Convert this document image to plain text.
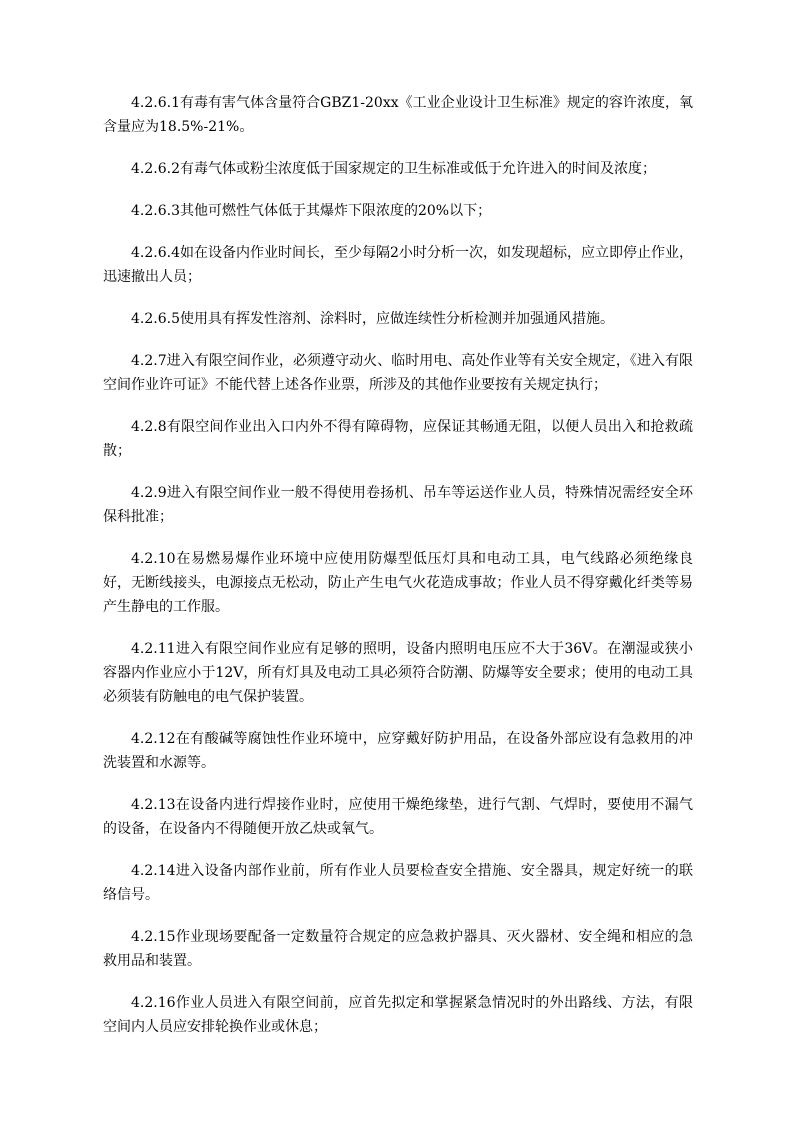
4.2.6.1有毒有害气体含量符合GBZ1-20xx《工业企业设计卫生标准》规定的容许浓度，氧含量应为18.5%-21%。

4.2.6.2有毒气体或粉尘浓度低于国家规定的卫生标准或低于允许进入的时间及浓度；

4.2.6.3其他可燃性气体低于其爆炸下限浓度的20%以下；

4.2.6.4如在设备内作业时间长，至少每隔2小时分析一次，如发现超标，应立即停止作业，迅速撤出人员；

4.2.6.5使用具有挥发性溶剂、涂料时，应做连续性分析检测并加强通风措施。

4.2.7进入有限空间作业，必须遵守动火、临时用电、高处作业等有关安全规定，《进入有限空间作业许可证》不能代替上述各作业票，所涉及的其他作业要按有关规定执行；

4.2.8有限空间作业出入口内外不得有障碍物，应保证其畅通无阻，以便人员出入和抢救疏散；

4.2.9进入有限空间作业一般不得使用卷扬机、吊车等运送作业人员，特殊情况需经安全环保科批准；

4.2.10在易燃易爆作业环境中应使用防爆型低压灯具和电动工具，电气线路必须绝缘良好，无断线接头，电源接点无松动，防止产生电气火花造成事故；作业人员不得穿戴化纤类等易产生静电的工作服。

4.2.11进入有限空间作业应有足够的照明，设备内照明电压应不大于36V。在潮湿或狭小容器内作业应小于12V，所有灯具及电动工具必须符合防潮、防爆等安全要求；使用的电动工具必须装有防触电的电气保护装置。

4.2.12在有酸碱等腐蚀性作业环境中，应穿戴好防护用品，在设备外部应设有急救用的冲洗装置和水源等。

4.2.13在设备内进行焊接作业时，应使用干燥绝缘垫，进行气割、气焊时，要使用不漏气的设备，在设备内不得随便开放乙炔或氧气。

4.2.14进入设备内部作业前，所有作业人员要检查安全措施、安全器具，规定好统一的联络信号。

4.2.15作业现场要配备一定数量符合规定的应急救护器具、灭火器材、安全绳和相应的急救用品和装置。

4.2.16作业人员进入有限空间前，应首先拟定和掌握紧急情况时的外出路线、方法，有限空间内人员应安排轮换作业或休息；
